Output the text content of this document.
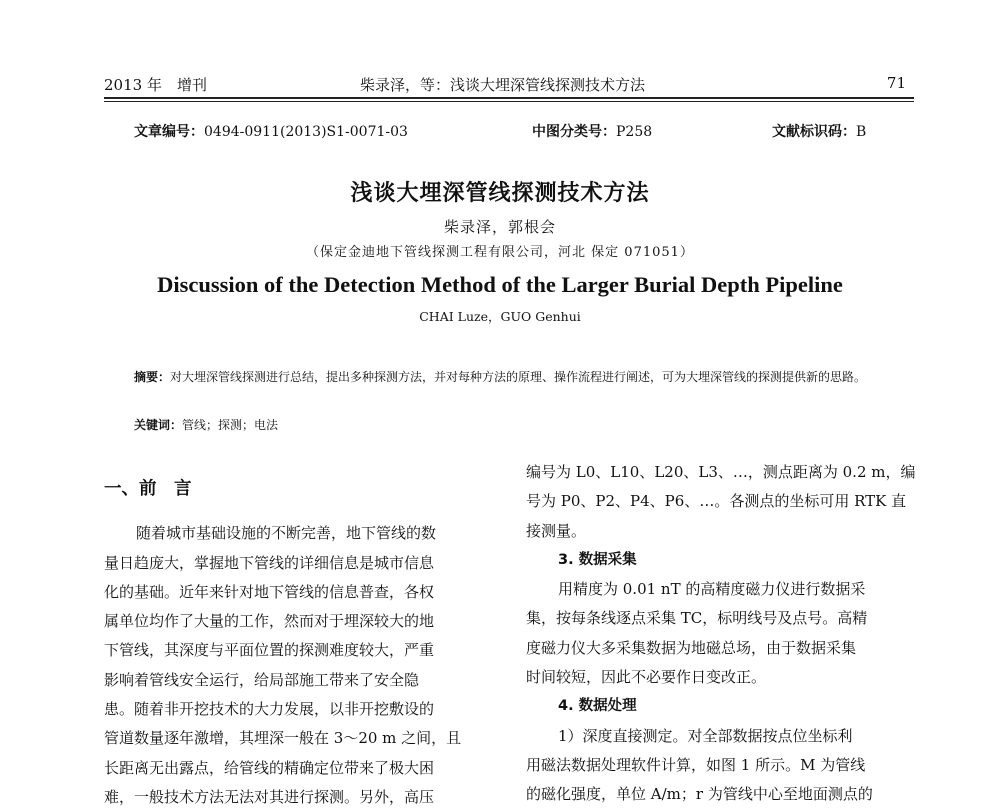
2013 年　增刊	柴录泽，等：浅谈大埋深管线探测技术方法	71
文章编号：0494-0911(2013)S1-0071-03	中图分类号：P258	文献标识码：B
浅谈大埋深管线探测技术方法
柴录泽，郭根会
（保定金迪地下管线探测工程有限公司，河北 保定 071051）
Discussion of the Detection Method of the Larger Burial Depth Pipeline
CHAI Luze，GUO Genhui
摘要：对大埋深管线探测进行总结，提出多种探测方法，并对每种方法的原理、操作流程进行阐述，可为大埋深管线的探测提供新的思路。
关键词：管线；探测；电法
一、前　言
随着城市基础设施的不断完善，地下管线的数
量日趋庞大，掌握地下管线的详细信息是城市信息
化的基础。近年来针对地下管线的信息普查，各权
属单位均作了大量的工作，然而对于埋深较大的地
下管线，其深度与平面位置的探测难度较大，严重
影响着管线安全运行，给局部施工带来了安全隐
患。随着非开挖技术的大力发展，以非开挖敷设的
管道数量逐年激增，其埋深一般在 3～20 m 之间，且
长距离无出露点，给管线的精确定位带来了极大困
难，一般技术方法无法对其进行探测。另外，高压
编号为 L0、L10、L20、L3、…，测点距离为 0.2 m，编
号为 P0、P2、P4、P6、…。各测点的坐标可用 RTK 直
接测量。
3. 数据采集
用精度为 0.01 nT 的高精度磁力仪进行数据采
集，按每条线逐点采集 TC，标明线号及点号。高精
度磁力仪大多采集数据为地磁总场，由于数据采集
时间较短，因此不必要作日变改正。
4. 数据处理
1）深度直接测定。对全部数据按点位坐标利
用磁法数据处理软件计算，如图 1 所示。M 为管线
的磁化强度，单位 A/m；r 为管线中心至地面测点的
